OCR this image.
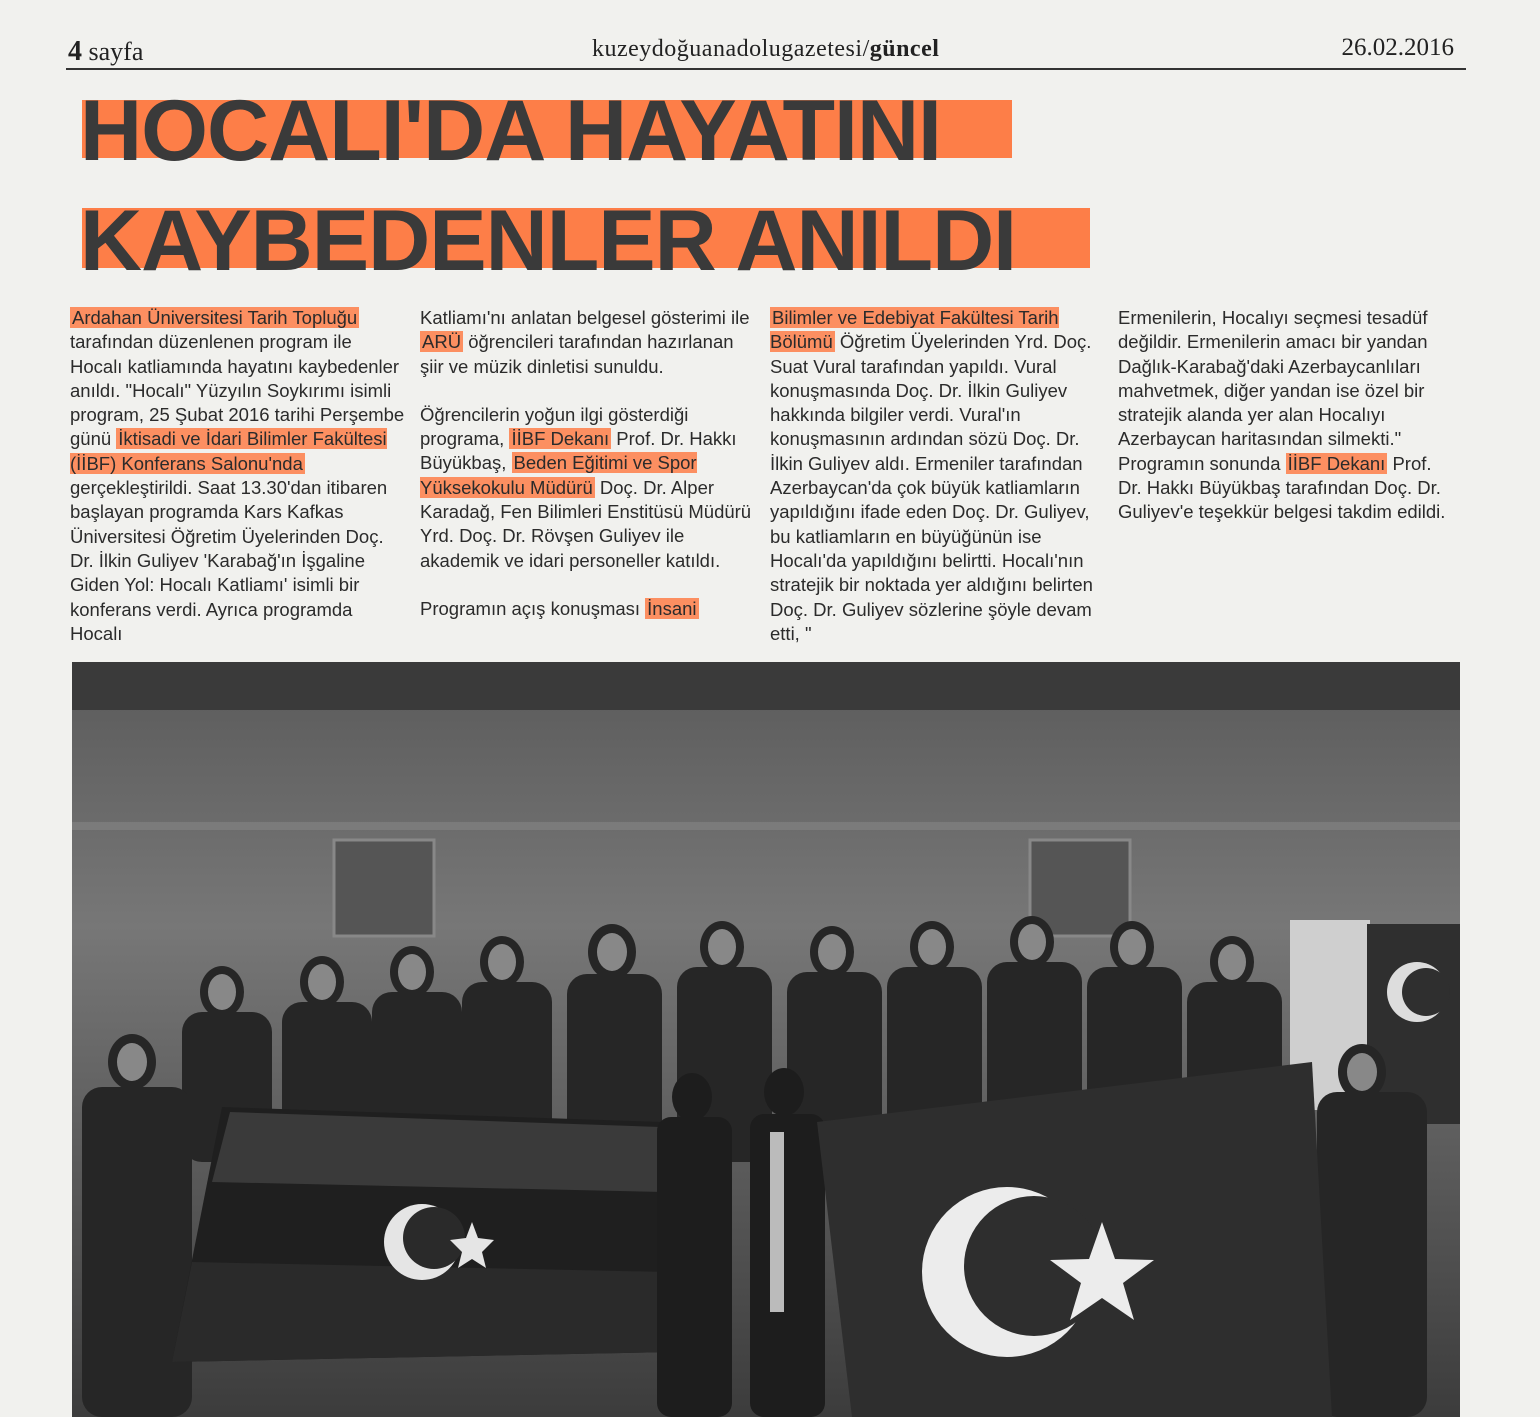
4 sayfa	kuzeydoğuanadolugazetesi/güncel	26.02.2016
HOCALI'DA HAYATINI
KAYBEDENLER ANILDI

Ardahan Üniversitesi Tarih Topluğu tarafından düzenlenen program ile Hocalı katliamında hayatını kaybedenler anıldı. "Hocalı" Yüzyılın Soykırımı isimli program, 25 Şubat 2016 tarihi Perşembe günü İktisadi ve İdari Bilimler Fakültesi (İİBF) Konferans Salonu'nda gerçekleştirildi. Saat 13.30'dan itibaren başlayan programda Kars Kafkas Üniversitesi Öğretim Üyelerinden Doç. Dr. İlkin Guliyev 'Karabağ'ın İşgaline Giden Yol: Hocalı Katliamı' isimli bir konferans verdi. Ayrıca programda Hocalı

Katliamı'nı anlatan belgesel gösterimi ile ARÜ öğrencileri tarafından hazırlanan şiir ve müzik dinletisi sunuldu.

Öğrencilerin yoğun ilgi gösterdiği programa, İİBF Dekanı Prof. Dr. Hakkı Büyükbaş, Beden Eğitimi ve Spor Yüksekokulu Müdürü Doç. Dr. Alper Karadağ, Fen Bilimleri Enstitüsü Müdürü Yrd. Doç. Dr. Rövşen Guliyev ile akademik ve idari personeller katıldı.

Programın açış konuşması İnsani

Bilimler ve Edebiyat Fakültesi Tarih Bölümü Öğretim Üyelerinden Yrd. Doç. Suat Vural tarafından yapıldı. Vural konuşmasında Doç. Dr. İlkin Guliyev hakkında bilgiler verdi. Vural'ın konuşmasının ardından sözü Doç. Dr. İlkin Guliyev aldı. Ermeniler tarafından Azerbaycan'da çok büyük katliamların yapıldığını ifade eden Doç. Dr. Guliyev, bu katliamların en büyüğünün ise Hocalı'da yapıldığını belirtti. Hocalı'nın stratejik bir noktada yer aldığını belirten Doç. Dr. Guliyev sözlerine şöyle devam etti, "

Ermenilerin, Hocalıyı seçmesi tesadüf değildir. Ermenilerin amacı bir yandan Dağlık-Karabağ'daki Azerbaycanlıları mahvetmek, diğer yandan ise özel bir stratejik alanda yer alan Hocalıyı Azerbaycan haritasından silmekti." Programın sonunda İİBF Dekanı Prof. Dr. Hakkı Büyükbaş tarafından Doç. Dr. Guliyev'e teşekkür belgesi takdim edildi.
